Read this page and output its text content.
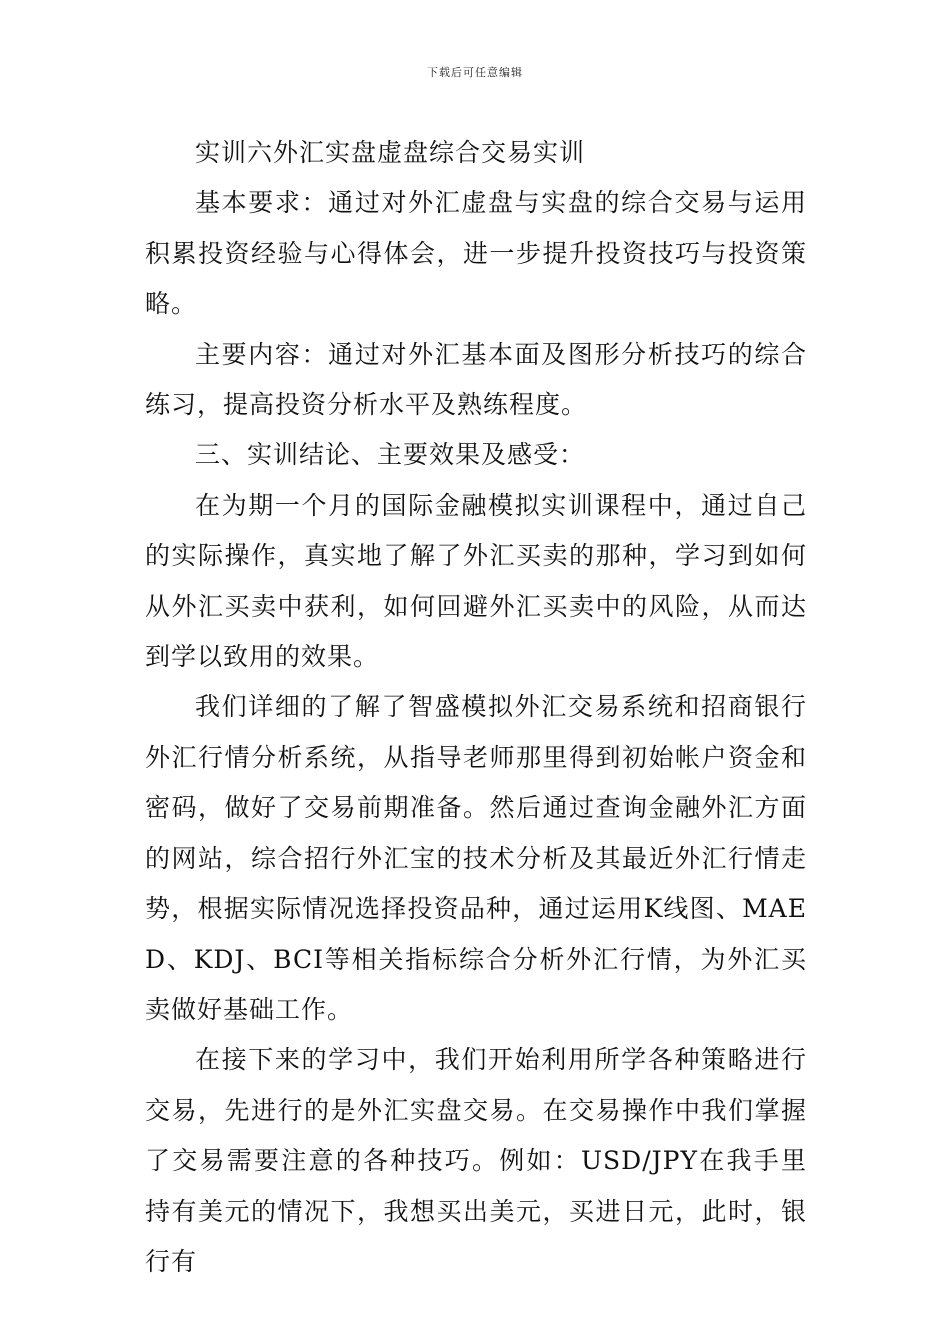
下载后可任意编辑

实训六外汇实盘虚盘综合交易实训

基本要求：通过对外汇虚盘与实盘的综合交易与运用积累投资经验与心得体会，进一步提升投资技巧与投资策略。

主要内容：通过对外汇基本面及图形分析技巧的综合练习，提高投资分析水平及熟练程度。

三、实训结论、主要效果及感受：

在为期一个月的国际金融模拟实训课程中，通过自己的实际操作，真实地了解了外汇买卖的那种，学习到如何从外汇买卖中获利，如何回避外汇买卖中的风险，从而达到学以致用的效果。

我们详细的了解了智盛模拟外汇交易系统和招商银行外汇行情分析系统，从指导老师那里得到初始帐户资金和密码，做好了交易前期准备。然后通过查询金融外汇方面的网站，综合招行外汇宝的技术分析及其最近外汇行情走势，根据实际情况选择投资品种，通过运用K线图、MAED、KDJ、BCI等相关指标综合分析外汇行情，为外汇买卖做好基础工作。

在接下来的学习中，我们开始利用所学各种策略进行交易，先进行的是外汇实盘交易。在交易操作中我们掌握了交易需要注意的各种技巧。例如：USD/JPY在我手里持有美元的情况下，我想买出美元，买进日元，此时，银行有
